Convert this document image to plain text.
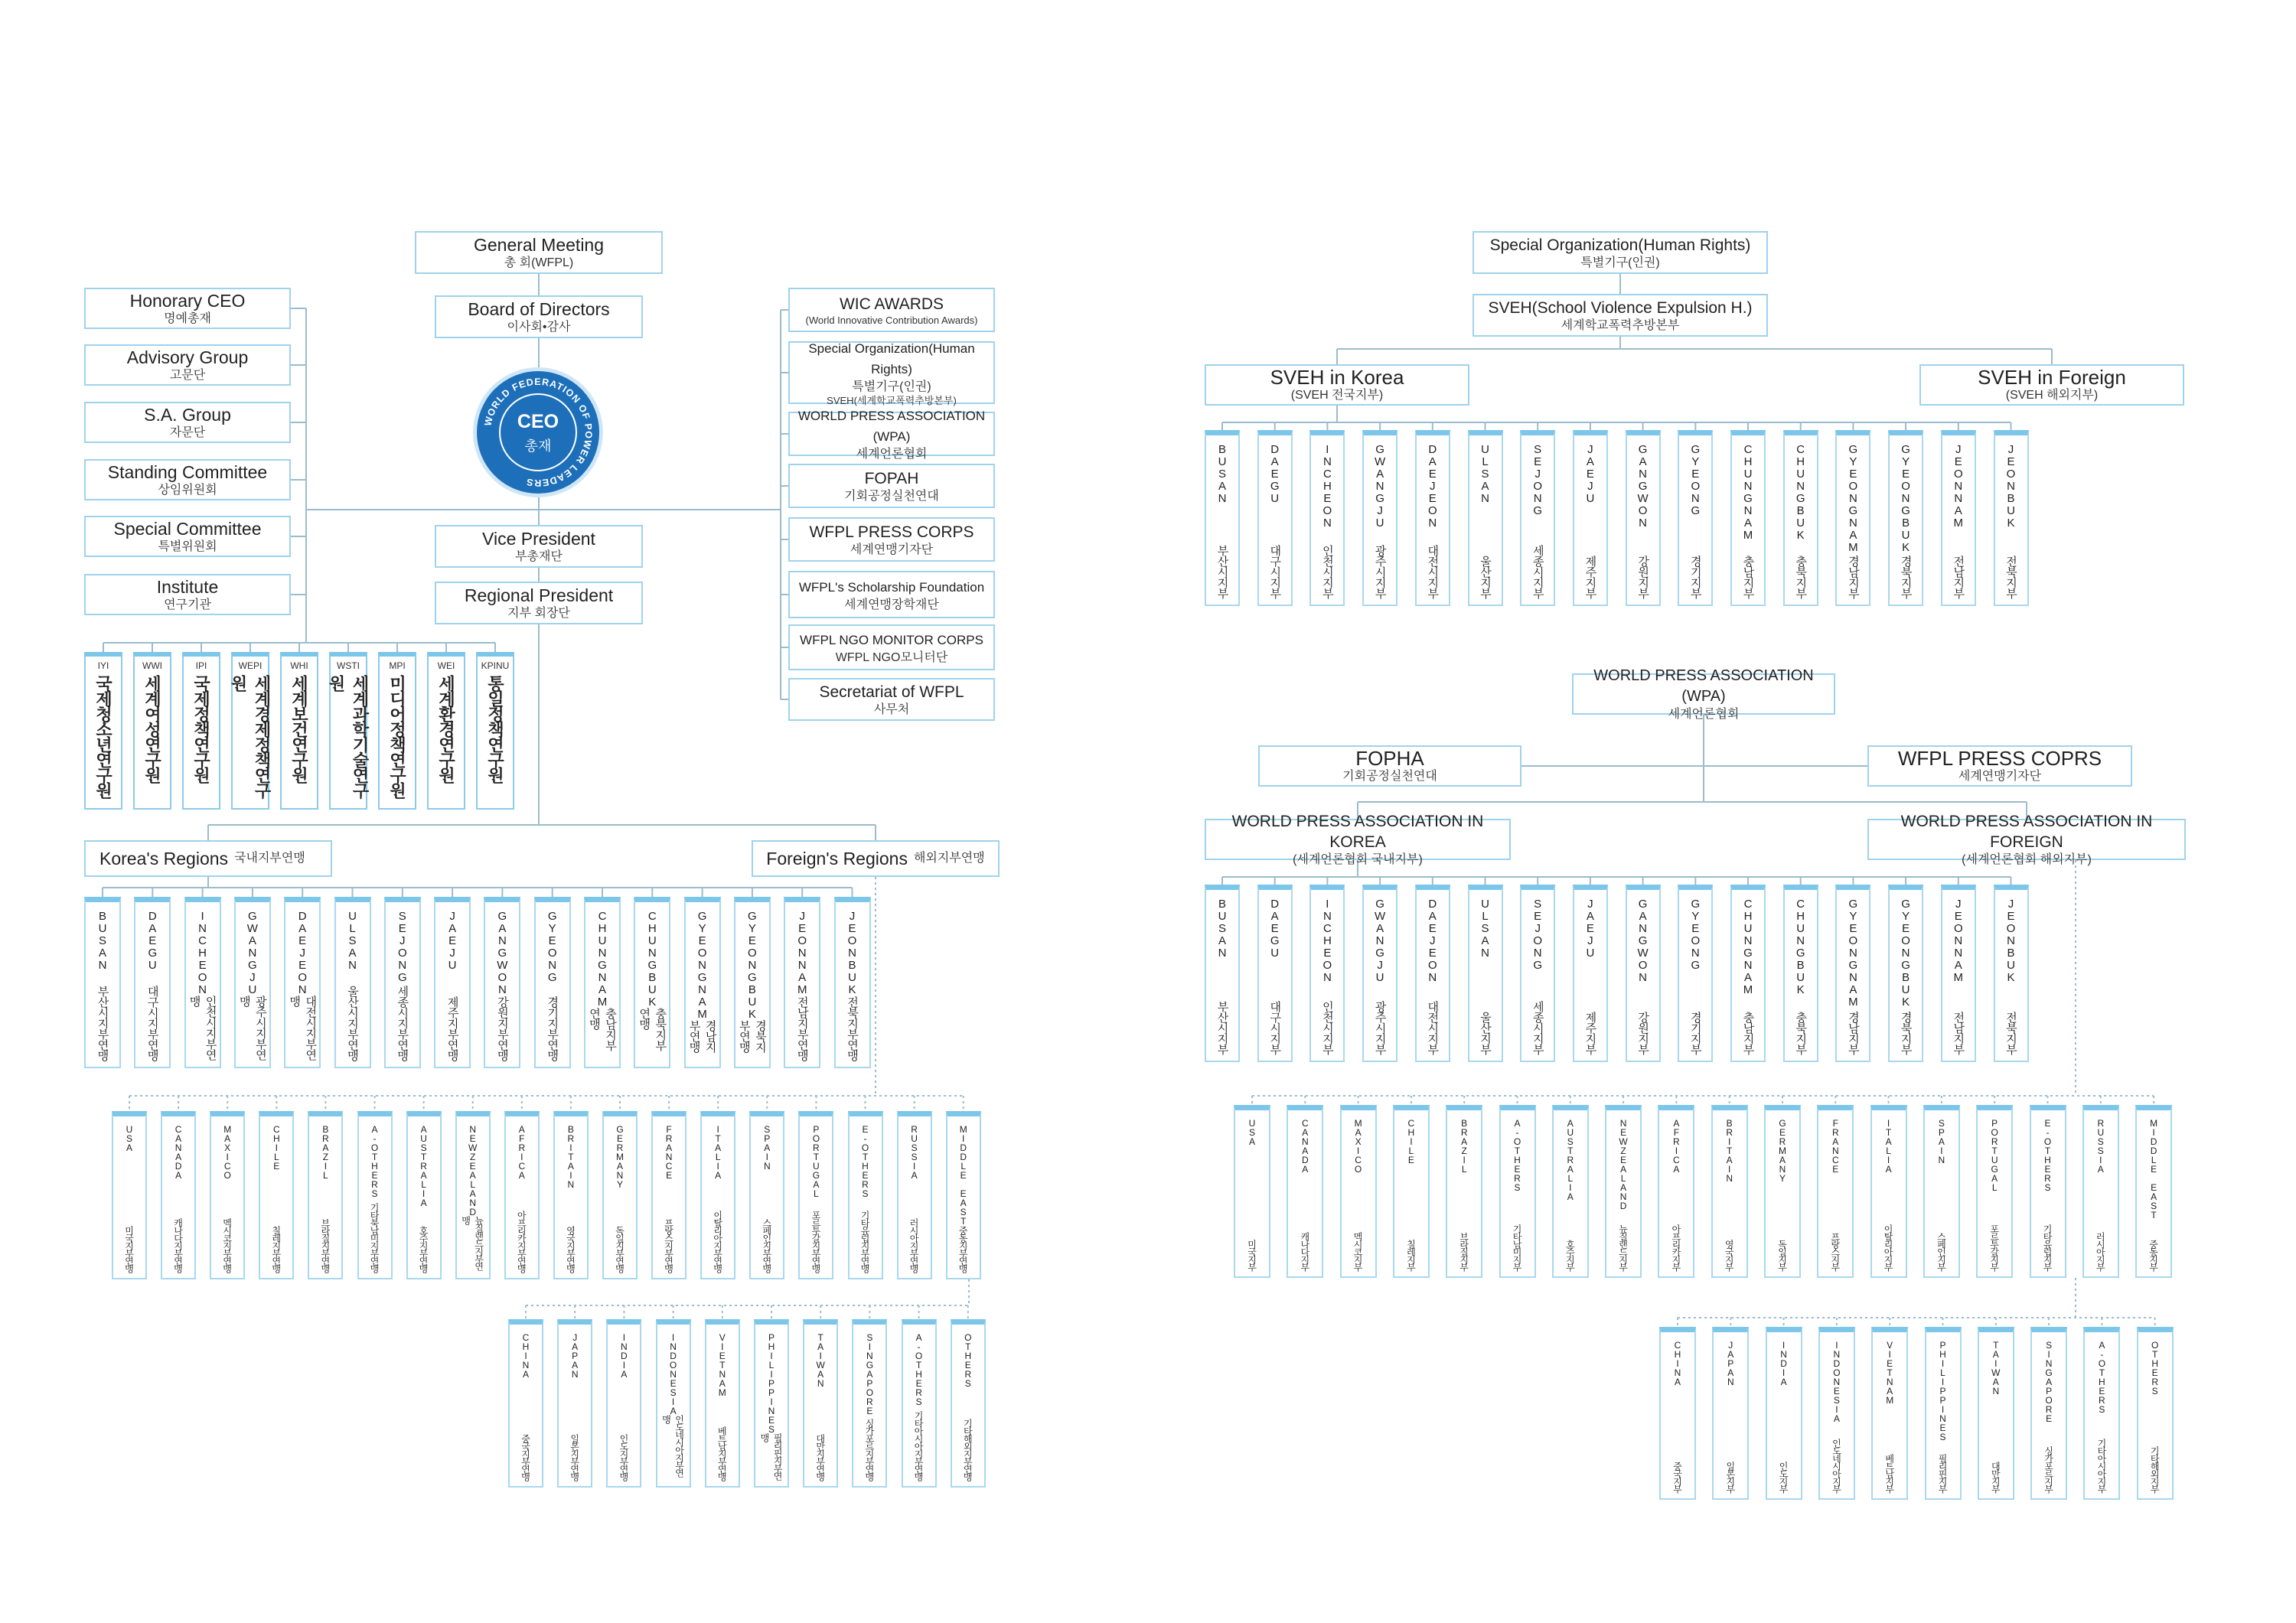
General Meeting
총 회(WFPL)
Board of Directors
이사회•감사
WORLD FEDERATION OF POWER LEADERS
CEO
총재
Vice President
부총재단
Regional President
지부 회장단
Korea's Regions 국내지부연맹	Foreign's Regions 해외지부연맹
Special Organization(Human Rights)
특별기구(인권)
SVEH(School Violence Expulsion H.)
세계학교폭력추방본부
SVEH in Korea
(SVEH 전국지부)
SVEH in Foreign
(SVEH 해외지부)
WORLD PRESS ASSOCIATION (WPA)
세계언론협회
FOPHA
기회공정실천연대
WFPL PRESS COPRS
세계연맹기자단
WORLD PRESS ASSOCIATION IN KOREA
(세계언론협회 국내지부)
WORLD PRESS ASSOCIATION IN FOREIGN
(세계언론협회 해외지부)
Honorary CEO
명예총재
Advisory Group
고문단
S.A. Group
자문단
Standing Committee
상임위원회
Special Committee
특별위원회
Institute
연구기관
WIC AWARDS
(World Innovative Contribution Awards)
Special Organization(Human Rights)
특별기구(인권)
SVEH(세계학교폭력추방본부)
WORLD PRESS ASSOCIATION (WPA)
세계언론협회
FOPAH
기회공정실천연대
WFPL PRESS CORPS
세계연맹기자단
WFPL's Scholarship Foundation
세계연맹장학재단
WFPL NGO MONITOR CORPS
WFPL NGO모니터단
Secretariat of WFPL
사무처
IYI
국제청소년연구원
WWI
세계여성연구원
IPI
국제정책연구원
WEPI
세계경제정책연구원
WHI
세계보건연구원
WSTI
세계과학기술연구원
MPI
미디어정책연구원
WEI
세계환경연구원
KPINU
통일정책연구원
BUSAN
부산시지부연맹
DAEGU
대구시지부연맹
INCHEON
인천시지부연맹
GWANGJU
광주시지부연맹
DAEJEON
대전시지부연맹
ULSAN
울산시지부연맹
SEJONG
세종시지부연맹
JAEJU
제주지부연맹
GANGWON
강원지부연맹
GYEONG
경기지부연맹
CHUNGNAM
충남지부연맹
CHUNGBUK
충북지부연맹	GYEONGNAM
경남지부연맹
GYEONGBUK
경북지부연맹
JEONNAM
전남지부연맹
JEONBUK
전북지부연맹
USA
미국지부연맹
CANADA
캐나다지부연맹
MAXICO
멕시코지부연맹
CHILE
칠레지부연맹
BRAZIL
브라질지부연맹
A-OTHERS
기타북남미지부연맹
AUSTRALIA
호주지부연맹
NEWZEALAND
뉴질랜드지부연맹
AFRICA
아프리카지부연맹
BRITAIN
영국지부연맹
GERMANY
독일지부연맹
FRANCE
프랑스지부연맹
ITALIA
이탈리아지부연맹
SPAIN
스페인지부연맹
PORTUGAL
포르투갈지부연맹
E-OTHERS
기타유럽지부연맹
RUSSIA
러시아지부연맹
MIDDLE EAST
중동지부연맹
CHINA
중국지부연맹
JAPAN
일본지부연맹
INDIA
인도지부연맹
INDONESIA
인도네시아지부연맹
VIETNAM
베트남지부연맹
PHILIPPINES
필리핀지부연맹
TAIWAN
대만지부연맹
SINGAPORE
싱가포르지부연맹
A-OTHERS
기타아시아지부연맹
OTHERS
기타해외지부연맹
BUSAN
부산시지부
DAEGU
대구시지부
INCHEON
인천시지부
GWANGJU
광주시지부
DAEJEON
대전시지부
ULSAN
울산지부
SEJONG
세종시지부
JAEJU
제주지부
GANGWON
강원지부
GYEONG
경기지부
CHUNGNAM
충남지부
CHUNGBUK
충북지부
GYEONGNAM
경남지부
GYEONGBUK
경북지부
JEONNAM
전남지부
JEONBUK
전북지부
BUSAN
부산시지부
DAEGU
대구시지부
INCHEON
인천시지부
GWANGJU
광주시지부
DAEJEON
대전시지부
ULSAN
울산지부
SEJONG
세종시지부
JAEJU
제주지부
GANGWON
강원지부
GYEONG
경기지부
CHUNGNAM
충남지부
CHUNGBUK
충북지부
GYEONGNAM
경남지부
GYEONGBUK
경북지부
JEONNAM
전남지부
JEONBUK
전북지부
USA
미국지부
CANADA
캐나다지부
MAXICO
멕시코지부
CHILE
칠레지부
BRAZIL
브라질지부
A-OTHERS
기타남미지부
AUSTRALIA
호주지부
NEWZEALAND
뉴질랜드지부
AFRICA
아프리카지부
BRITAIN
영국지부
GERMANY
독일지부
FRANCE
프랑스지부
ITALIA
이탈리아지부
SPAIN
스페인지부
PORTUGAL
포르투갈지부
E-OTHERS
기타유럽지부
RUSSIA
러시아지부
MIDDLE EAST
중동지부
CHINA
중국지부
JAPAN
일본지부
INDIA
인도지부
INDONESIA
인도네시아지부
VIETNAM
베트남지부
PHILIPPINES
필리핀지부
TAIWAN
대만지부
SINGAPORE
싱가포르지부
A-OTHERS
기타아시아지부
OTHERS
기타해외지부
